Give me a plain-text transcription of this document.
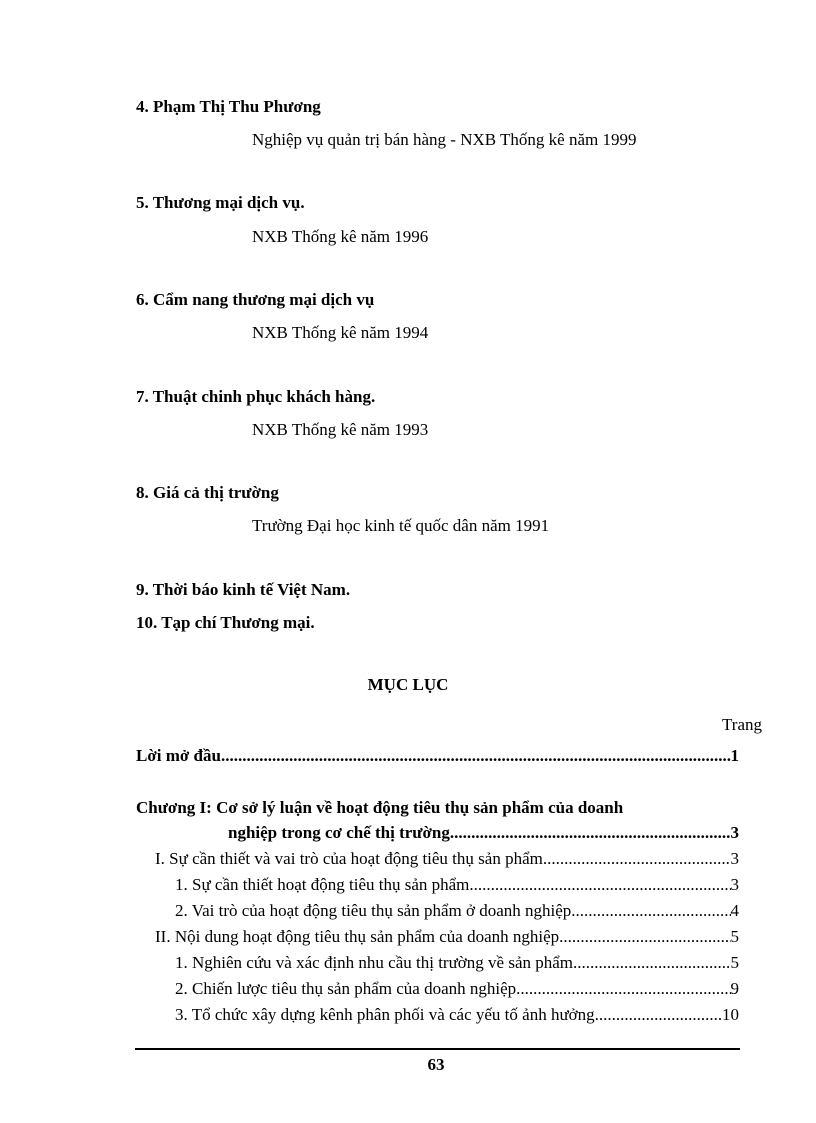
4. Phạm Thị Thu Phương
Nghiệp vụ quản trị bán hàng - NXB Thống kê năm 1999
5. Thương mại dịch vụ.
NXB Thống kê năm 1996
6. Cẩm nang thương mại dịch vụ
NXB Thống kê năm 1994
7. Thuật chinh phục khách hàng.
NXB Thống kê năm 1993
8. Giá cả thị trường
Trường Đại học kinh tế quốc dân năm 1991
9. Thời báo kinh tế Việt Nam.
10. Tạp chí Thương mại.
MỤC LỤC
Trang
Lời mở đầu .....	1
Chương I: Cơ sở lý luận về hoạt động tiêu thụ sản phẩm của doanh
nghiệp trong cơ chế thị trường .....	3
I. Sự cần thiết và vai trò của hoạt động tiêu thụ sản phẩm .....	3
1. Sự cần thiết hoạt động tiêu thụ sản phẩm .....	3
2. Vai trò của hoạt động tiêu thụ sản phẩm ở doanh nghiệp. .....	4
II. Nội dung hoạt động tiêu thụ sản phẩm của doanh nghiệp. .....	5
1. Nghiên cứu và xác định nhu cầu thị trường về sản phẩm. .....	5
2. Chiến lược tiêu thụ sản phẩm của doanh nghiệp .....	9
3. Tổ chức xây dựng kênh phân phối và các yếu tố ảnh hưởng .....	10
63
